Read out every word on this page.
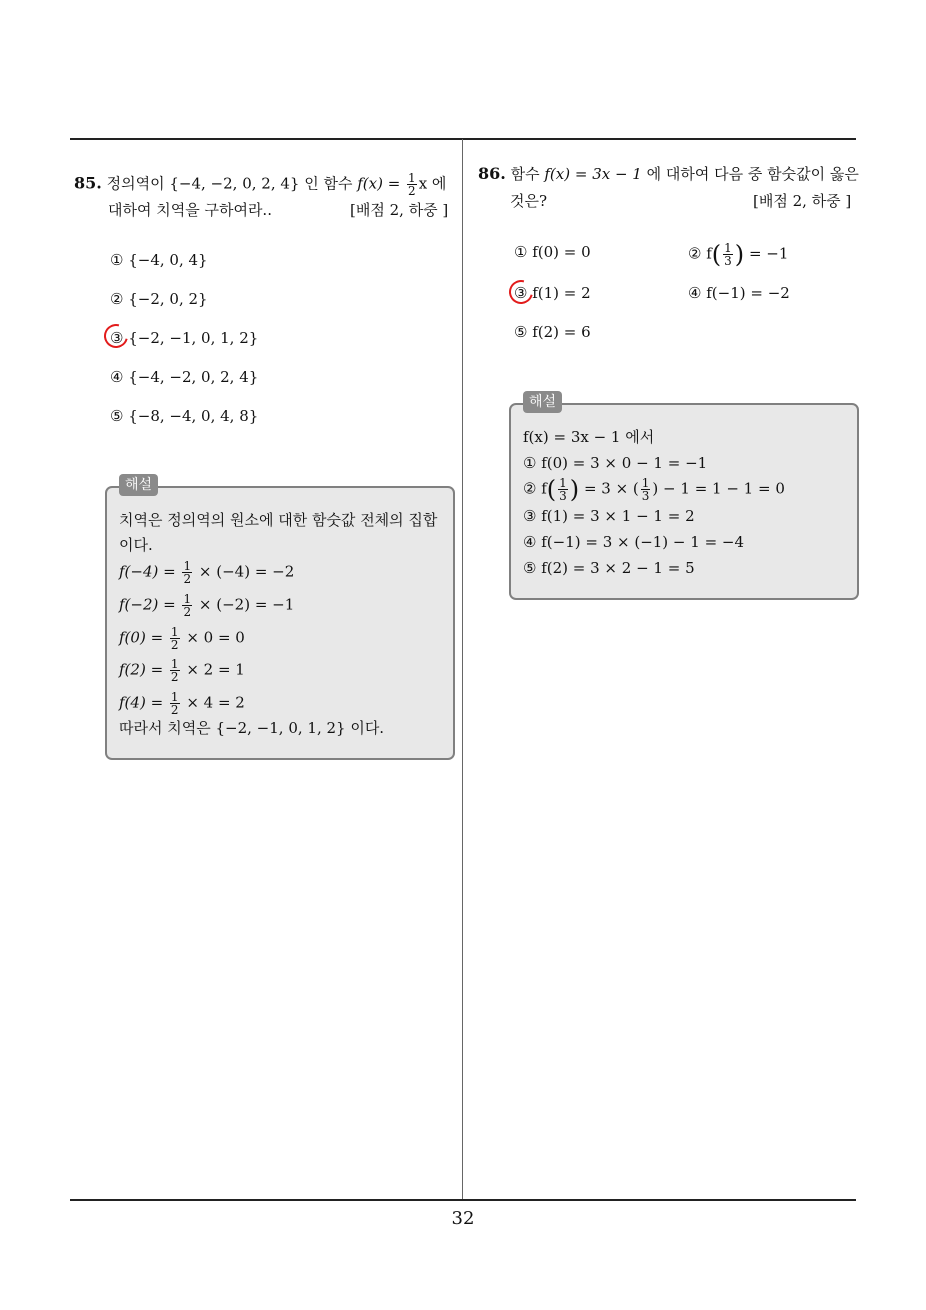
85. 정의역이 {−4, −2, 0, 2, 4} 인 함수 $f(x) = \frac{1}{2}$ x 에
대하여 치역을 구하여라..	[배점 2, 하중 ]
① {−4, 0, 4}
② {−2, 0, 2}
③ {−2, −1, 0, 1, 2}
④ {−4, −2, 0, 2, 4}
⑤ {−8, −4, 0, 4, 8}
해설
치역은 정의역의 원소에 대한 함숫값 전체의 집합
이다.
$f(-4) = \frac{1}{2} \times (-4) = -2$
$f(-2) = \frac{1}{2} \times (-2) = -1$
$f(0) = \frac{1}{2} \times 0 = 0$
$f(2) = \frac{1}{2} \times 2 = 1$
$f(4) = \frac{1}{2} \times 4 = 2$
따라서 치역은 {−2, −1, 0, 1, 2} 이다.
86. 함수 f(x) = 3x − 1 에 대하여 다음 중 함숫값이 옳은
것은?	[배점 2, 하중 ]
① f(0) = 0	② $f( \frac{1}{3}$ ) = −1
③ f(1) = 2	④ f(−1) = −2
⑤ f(2) = 6
해설
f(x) = 3x − 1 에서
① f(0) = 3 × 0 − 1 = −1
② $f( \frac{1}{3}$ ) = 3 × ( $\frac{1}{3}$ ) − 1 = 1 − 1 = 0
③ f(1) = 3 × 1 − 1 = 2
④ f(−1) = 3 × (−1) − 1 = −4
⑤ f(2) = 3 × 2 − 1 = 5
32
